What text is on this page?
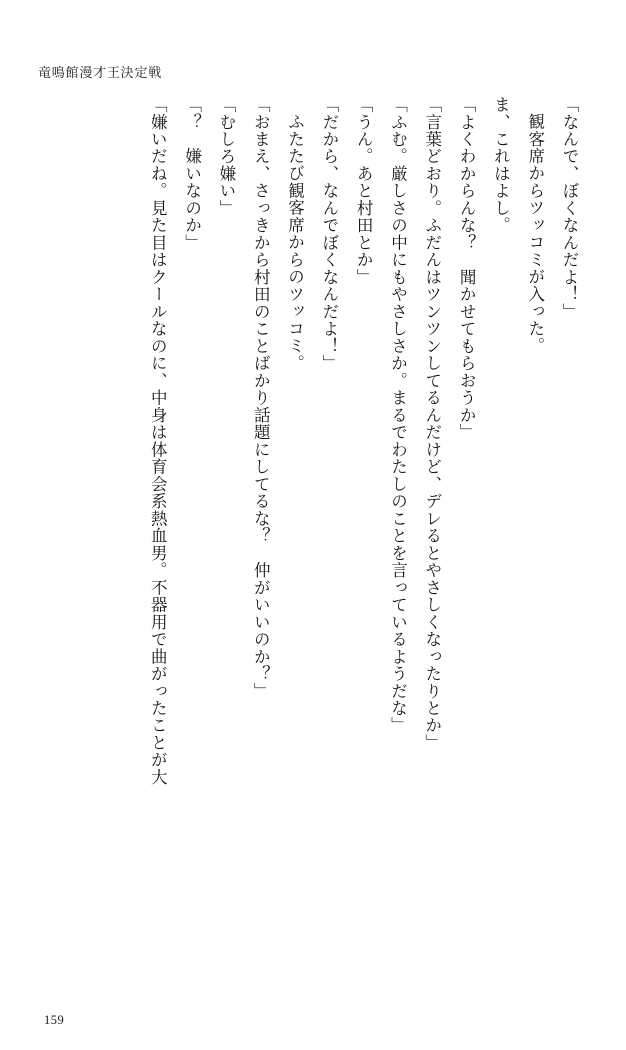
竜鳴館漫才王決定戦

「なんで、ぼくなんだよ！」

観客席からツッコミが入った。

ま、これはよし。

「よくわからんな？　聞かせてもらおうか」

「言葉どおり。ふだんはツンツンしてるんだけど、デレるとやさしくなったりとか」

「ふむ。厳しさの中にもやさしさか。まるでわたしのことを言っているようだな」

「うん。あと村田とか」

「だから、なんでぼくなんだよ！」

ふたたび観客席からのツッコミ。

「おまえ、さっきから村田のことばかり話題にしてるな？　仲がいいのか？」

「むしろ嫌い」

「？　嫌いなのか」

「嫌いだね。見た目はクールなのに、中身は体育会系熱血男。不器用で曲がったことが大

159
